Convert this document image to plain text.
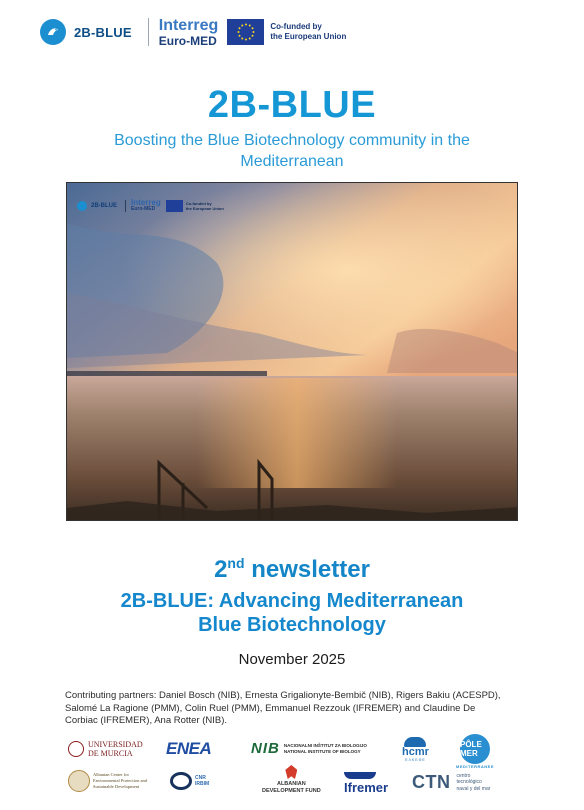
2B-BLUE Interreg
Euro-MED
Co-funded by
the European Union
2B-BLUE

Boosting the Blue Biotechnology community in the Mediterranean

2B-BLUE Interreg
Euro-MED
Co-funded by
the European Union
2nd newsletter
2B-BLUE: Advancing Mediterranean
Blue Biotechnology
November 2025

Contributing partners: Daniel Bosch (NIB), Ernesta Grigalionyte-Bembič (NIB), Rigers Bakiu (ACESPD), Salomé La Ragione (PMM), Colin Ruel (PMM), Emmanuel Rezzouk (IFREMER) and Claudine De Corbiac (IFREMER), Ana Rotter (NIB).

UNIVERSIDAD
DE MURCIA	ENEA	NIB NACIONALNI INŠTITUT ZA BIOLOGIJO
NATIONAL INSTITUTE OF BIOLOGY	hcmr
ΕΛΚΕΘΕ
PÔLE MER
MEDITERRANEE
Albanian Center for
Environmental Protection and
Sustainable Development
CNR
IRBIM	ALBANIAN
DEVELOPMENT FUND Ifremer CTN centro
tecnológico
naval y del mar
